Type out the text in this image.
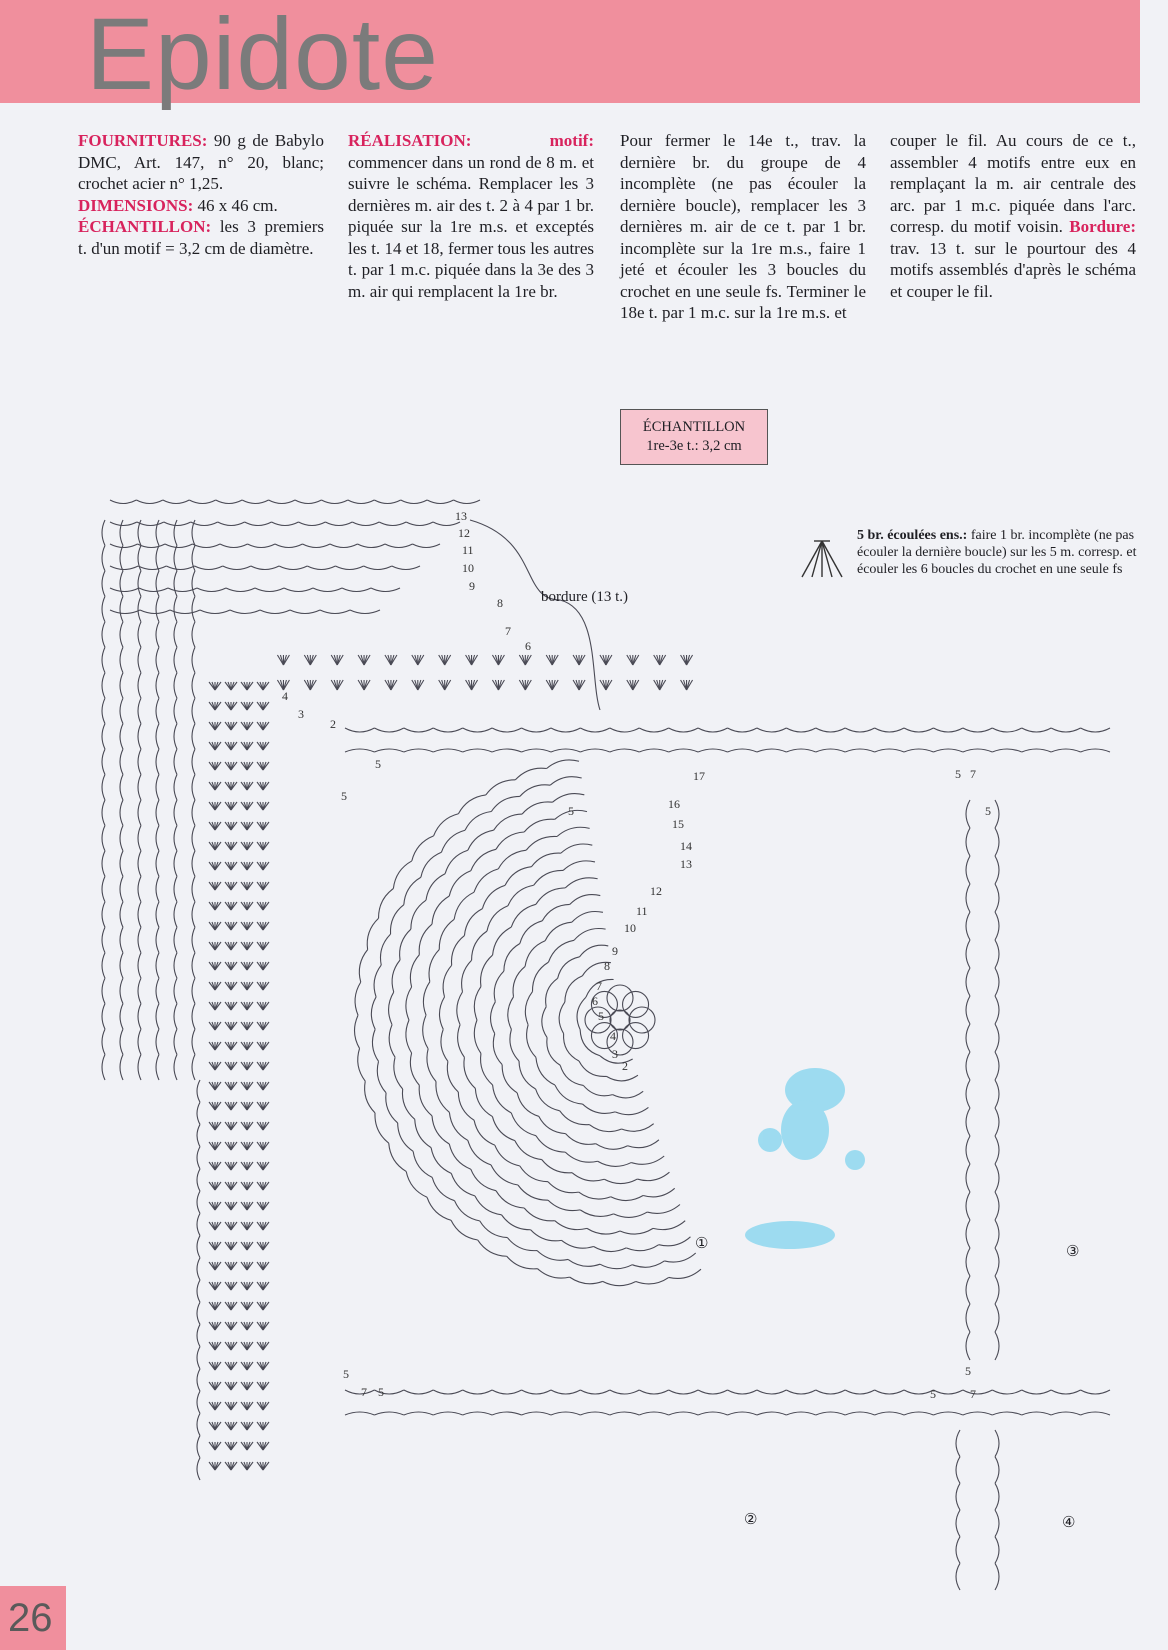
Epidote
FOURNITURES: 90 g de Babylo DMC, Art. 147, n° 20, blanc; crochet acier n° 1,25.
DIMENSIONS: 46 x 46 cm.
ÉCHANTILLON: les 3 premiers t. d'un motif = 3,2 cm de diamètre.
RÉALISATION: motif: commencer dans un rond de 8 m. et suivre le schéma. Remplacer les 3 dernières m. air des t. 2 à 4 par 1 br. piquée sur la 1re m.s. et exceptés les t. 14 et 18, fermer tous les autres t. par 1 m.c. piquée dans la 3e des 3 m. air qui remplacent la 1re br.
Pour fermer le 14e t., trav. la dernière br. du groupe de 4 incomplète (ne pas écouler la dernière boucle), remplacer les 3 dernières m. air de ce t. par 1 br. incomplète sur la 1re m.s., faire 1 jeté et écouler les 3 boucles du crochet en une seule fs. Terminer le 18e t. par 1 m.c. sur la 1re m.s. et
couper le fil. Au cours de ce t., assembler 4 motifs entre eux en remplaçant la m. air centrale des arc. par 1 m.c. piquée dans l'arc. corresp. du motif voisin. Bordure: trav. 13 t. sur le pourtour des 4 motifs assemblés d'après le schéma et couper le fil.
ÉCHANTILLON
1re-3e t.: 3,2 cm
5 br. écoulées ens.: faire 1 br. incomplète (ne pas écouler la dernière boucle) sur les 5 m. corresp. et écouler les 6 boucles du crochet en une seule fs
13
12
11
10
9
8
7
6
4
3
2
5
5
5
17
16
15
14
13
12
11
10
9
8
7
6
5
4
3
2
5 7
5
5
7 5	5
5
7
bordure (13 t.)
①
②
③
④
26
